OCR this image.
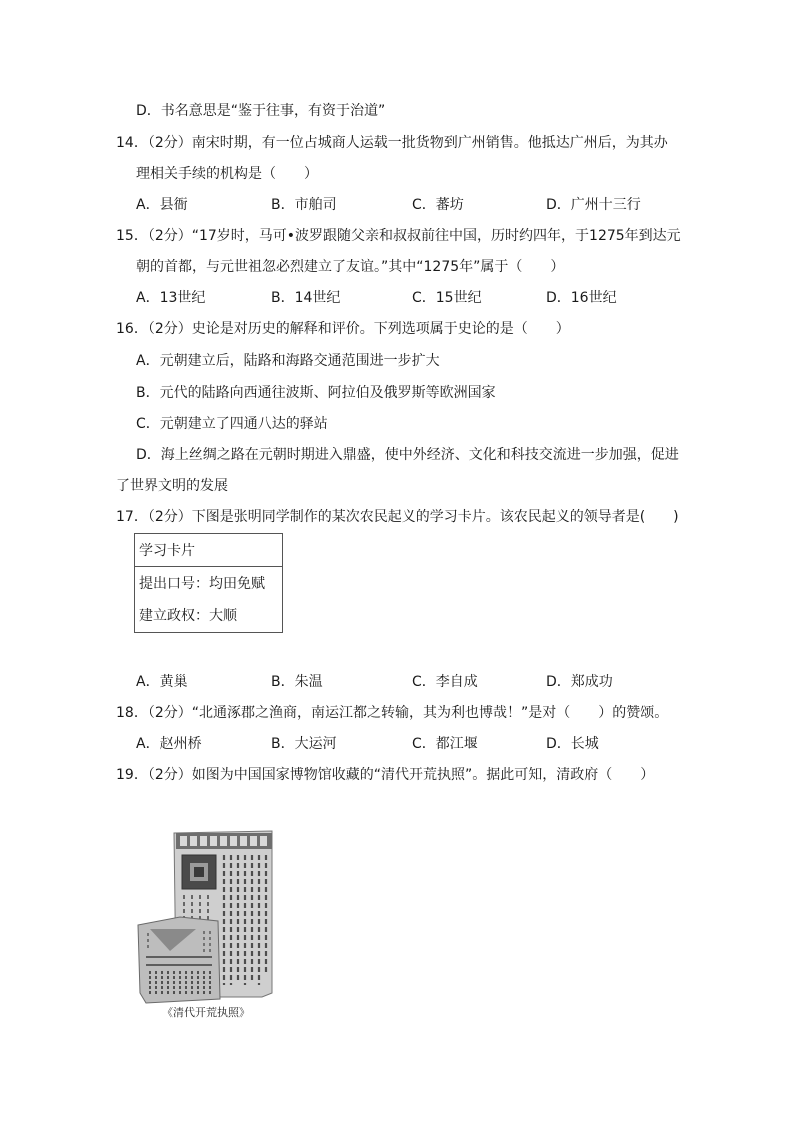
D．书名意思是“鉴于往事，有资于治道”
14．（2分）南宋时期，有一位占城商人运载一批货物到广州销售。他抵达广州后，为其办
理相关手续的机构是（　　）
A．县衙	B．市舶司	C．蕃坊	D．广州十三行
15．（2分）“17岁时，马可•波罗跟随父亲和叔叔前往中国，历时约四年，于1275年到达元
朝的首都，与元世祖忽必烈建立了友谊。”其中“1275年”属于（　　）
A．13世纪	B．14世纪	C．15世纪	D．16世纪
16．（2分）史论是对历史的解释和评价。下列选项属于史论的是（　　）
A．元朝建立后，陆路和海路交通范围进一步扩大
B．元代的陆路向西通往波斯、阿拉伯及俄罗斯等欧洲国家
C．元朝建立了四通八达的驿站
D．海上丝绸之路在元朝时期进入鼎盛，使中外经济、文化和科技交流进一步加强，促进
了世界文明的发展
17．（2分）下图是张明同学制作的某次农民起义的学习卡片。该农民起义的领导者是(　　)
学习卡片
提出口号：均田免赋
建立政权：大顺
A．黄巢	B．朱温	C．李自成	D．郑成功
18．（2分）“北通涿郡之渔商，南运江都之转输，其为利也博哉！”是对（　　）的赞颂。
A．赵州桥	B．大运河	C．都江堰	D．长城
19．（2分）如图为中国国家博物馆收藏的“清代开荒执照”。据此可知，清政府（　　）
《清代开荒执照》
